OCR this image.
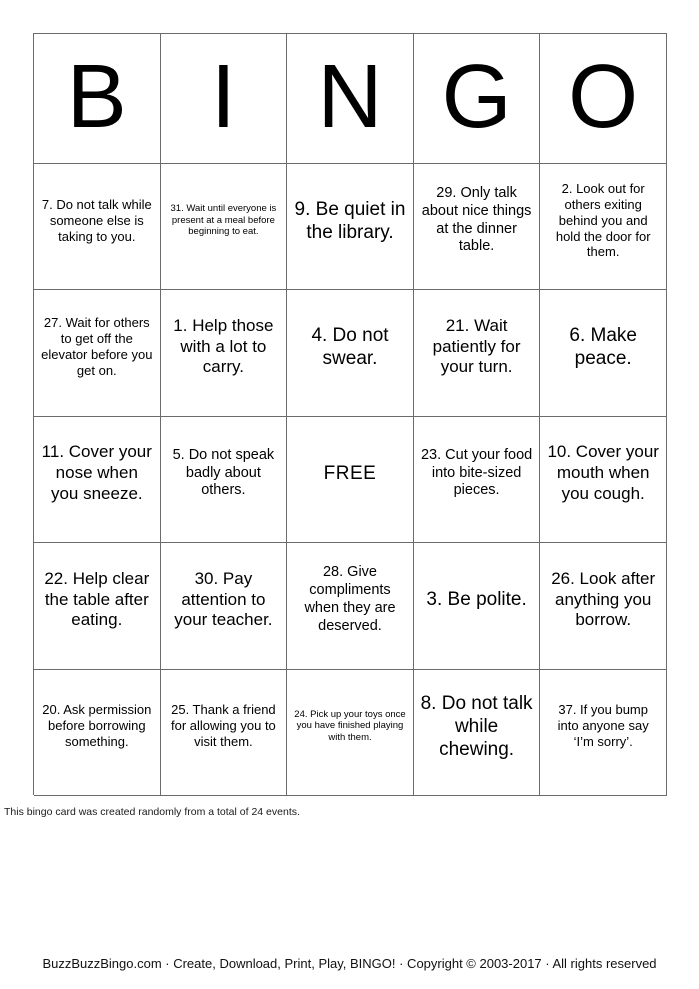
B I N G O
7. Do not talk while someone else is taking to you.
31. Wait until everyone is present at a meal before beginning to eat.
9. Be quiet in the library.
29. Only talk about nice things at the dinner table.
2. Look out for others exiting behind you and hold the door for them.
27. Wait for others to get off the elevator before you get on.
1. Help those with a lot to carry.
4. Do not swear.
21. Wait patiently for your turn.
6. Make peace.
11. Cover your nose when you sneeze.
5. Do not speak badly about others.
FREE
23. Cut your food into bite-sized pieces.
10. Cover your mouth when you cough.
22. Help clear the table after eating.
30. Pay attention to your teacher.
28. Give compliments when they are deserved.
3. Be polite.
26. Look after anything you borrow.
20. Ask permission before borrowing something.
25. Thank a friend for allowing you to visit them.
24. Pick up your toys once you have finished playing with them.
8. Do not talk while chewing.
37. If you bump into anyone say ‘I’m sorry’.
This bingo card was created randomly from a total of 24 events.
BuzzBuzzBingo.com · Create, Download, Print, Play, BINGO! · Copyright © 2003-2017 · All rights reserved
